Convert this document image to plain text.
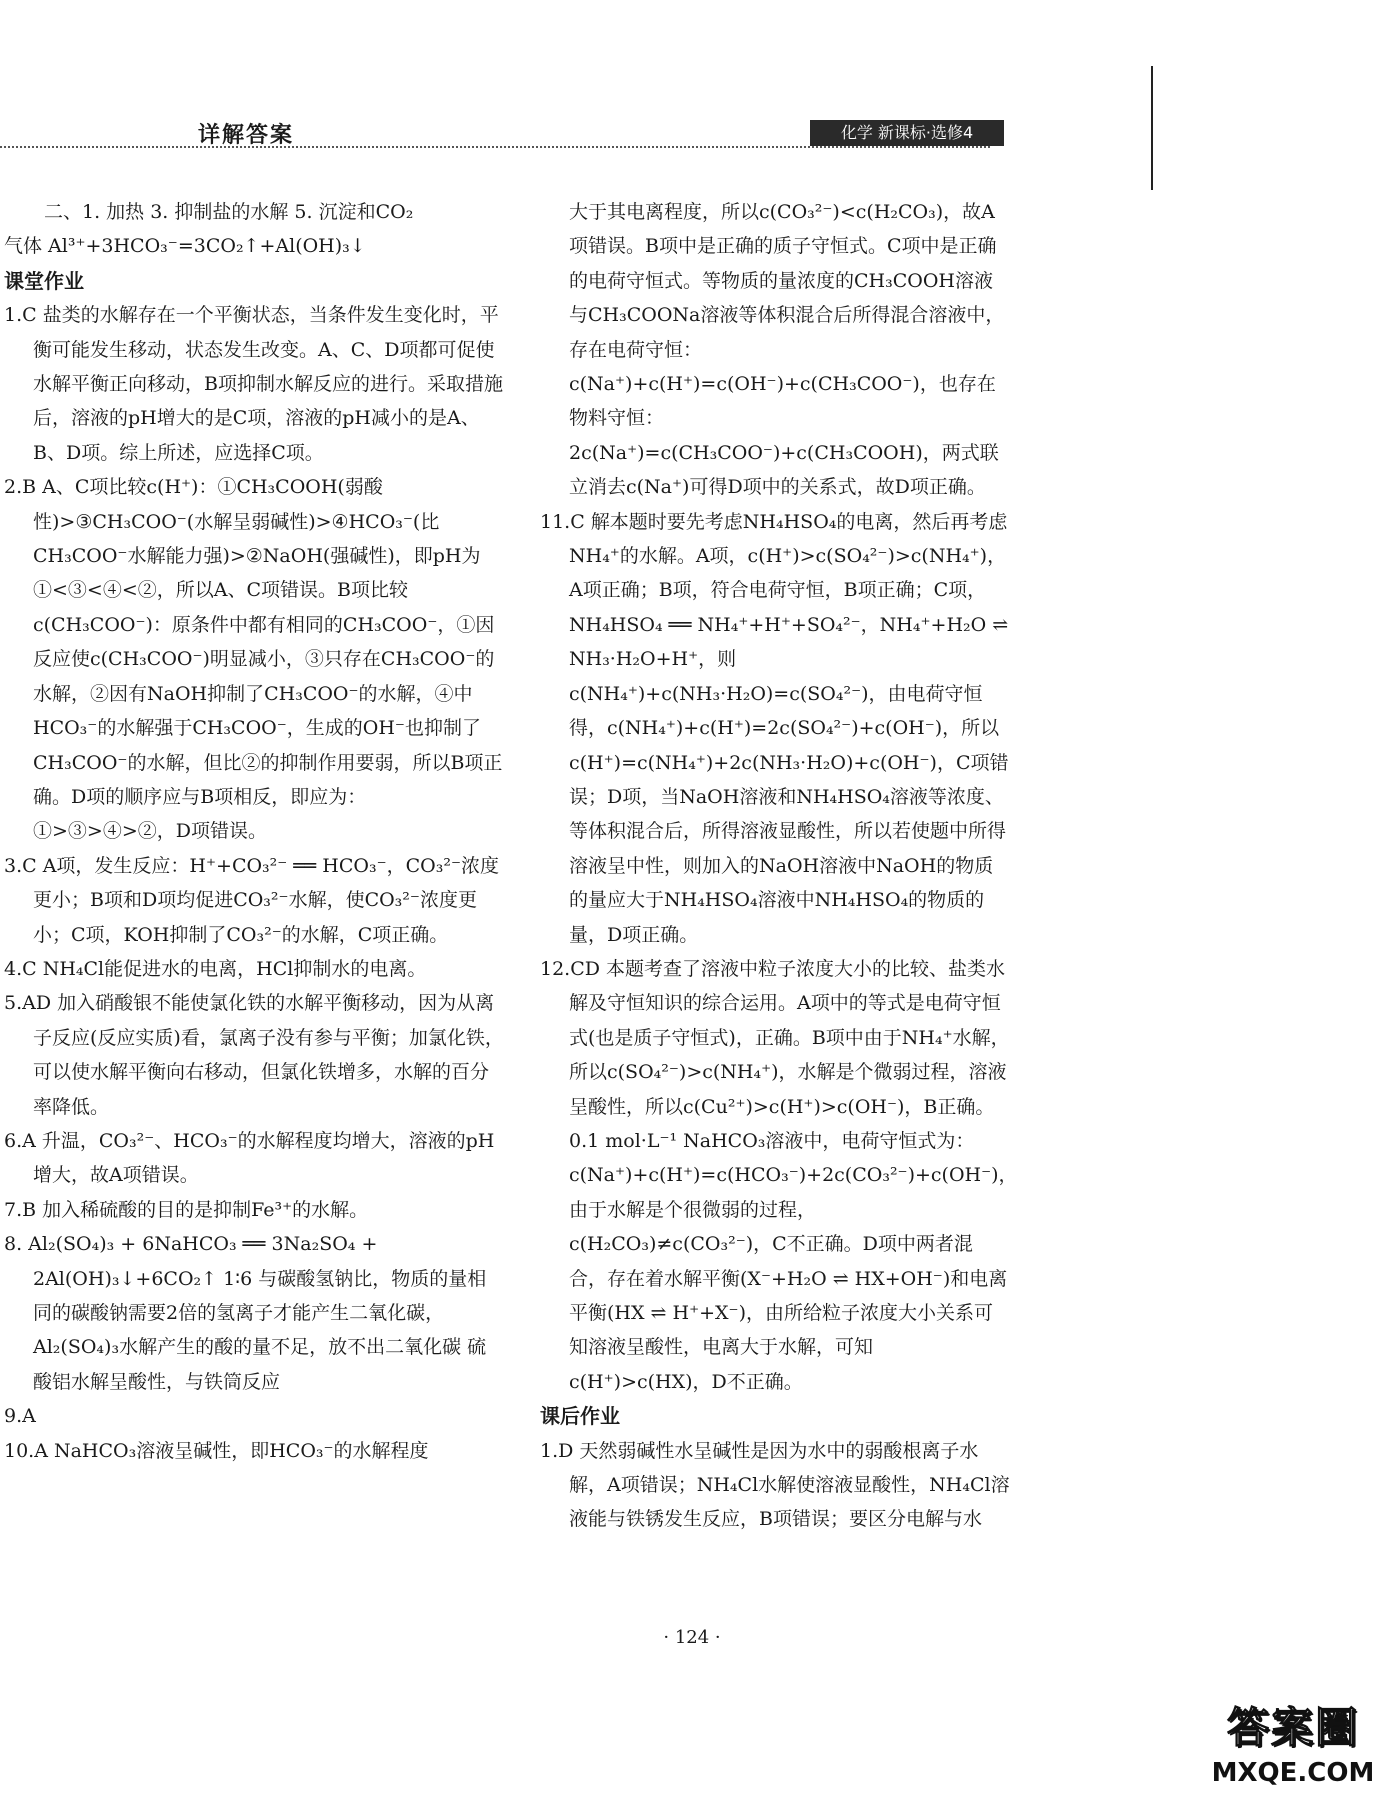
详解答案	化学 新课标·选修4

二、1. 加热 3. 抑制盐的水解 5. 沉淀和CO₂

气体 Al³⁺+3HCO₃⁻=3CO₂↑+Al(OH)₃↓

课堂作业

1.C 盐类的水解存在一个平衡状态，当条件发生变化时，平衡可能发生移动，状态发生改变。A、C、D项都可促使水解平衡正向移动，B项抑制水解反应的进行。采取措施后，溶液的pH增大的是C项，溶液的pH减小的是A、B、D项。综上所述，应选择C项。

2.B A、C项比较c(H⁺)：①CH₃COOH(弱酸性)>③CH₃COO⁻(水解呈弱碱性)>④HCO₃⁻(比CH₃COO⁻水解能力强)>②NaOH(强碱性)，即pH为①<③<④<②，所以A、C项错误。B项比较c(CH₃COO⁻)：原条件中都有相同的CH₃COO⁻，①因反应使c(CH₃COO⁻)明显减小，③只存在CH₃COO⁻的水解，②因有NaOH抑制了CH₃COO⁻的水解，④中HCO₃⁻的水解强于CH₃COO⁻，生成的OH⁻也抑制了CH₃COO⁻的水解，但比②的抑制作用要弱，所以B项正确。D项的顺序应与B项相反，即应为：①>③>④>②，D项错误。

3.C A项，发生反应：H⁺+CO₃²⁻ ══ HCO₃⁻，CO₃²⁻浓度更小；B项和D项均促进CO₃²⁻水解，使CO₃²⁻浓度更小；C项，KOH抑制了CO₃²⁻的水解，C项正确。

4.C NH₄Cl能促进水的电离，HCl抑制水的电离。

5.AD 加入硝酸银不能使氯化铁的水解平衡移动，因为从离子反应(反应实质)看，氯离子没有参与平衡；加氯化铁，可以使水解平衡向右移动，但氯化铁增多，水解的百分率降低。

6.A 升温，CO₃²⁻、HCO₃⁻的水解程度均增大，溶液的pH增大，故A项错误。

7.B 加入稀硫酸的目的是抑制Fe³⁺的水解。

8. Al₂(SO₄)₃ + 6NaHCO₃ ══ 3Na₂SO₄ + 2Al(OH)₃↓+6CO₂↑ 1∶6 与碳酸氢钠比，物质的量相同的碳酸钠需要2倍的氢离子才能产生二氧化碳，Al₂(SO₄)₃水解产生的酸的量不足，放不出二氧化碳 硫酸铝水解呈酸性，与铁筒反应

9.A

10.A NaHCO₃溶液呈碱性，即HCO₃⁻的水解程度

大于其电离程度，所以c(CO₃²⁻)<c(H₂CO₃)，故A项错误。B项中是正确的质子守恒式。C项中是正确的电荷守恒式。等物质的量浓度的CH₃COOH溶液与CH₃COONa溶液等体积混合后所得混合溶液中，存在电荷守恒：c(Na⁺)+c(H⁺)=c(OH⁻)+c(CH₃COO⁻)，也存在物料守恒：2c(Na⁺)=c(CH₃COO⁻)+c(CH₃COOH)，两式联立消去c(Na⁺)可得D项中的关系式，故D项正确。

11.C 解本题时要先考虑NH₄HSO₄的电离，然后再考虑NH₄⁺的水解。A项，c(H⁺)>c(SO₄²⁻)>c(NH₄⁺)，A项正确；B项，符合电荷守恒，B项正确；C项，NH₄HSO₄ ══ NH₄⁺+H⁺+SO₄²⁻，NH₄⁺+H₂O ⇌ NH₃·H₂O+H⁺，则c(NH₄⁺)+c(NH₃·H₂O)=c(SO₄²⁻)，由电荷守恒得，c(NH₄⁺)+c(H⁺)=2c(SO₄²⁻)+c(OH⁻)，所以c(H⁺)=c(NH₄⁺)+2c(NH₃·H₂O)+c(OH⁻)，C项错误；D项，当NaOH溶液和NH₄HSO₄溶液等浓度、等体积混合后，所得溶液显酸性，所以若使题中所得溶液呈中性，则加入的NaOH溶液中NaOH的物质的量应大于NH₄HSO₄溶液中NH₄HSO₄的物质的量，D项正确。

12.CD 本题考查了溶液中粒子浓度大小的比较、盐类水解及守恒知识的综合运用。A项中的等式是电荷守恒式(也是质子守恒式)，正确。B项中由于NH₄⁺水解，所以c(SO₄²⁻)>c(NH₄⁺)，水解是个微弱过程，溶液呈酸性，所以c(Cu²⁺)>c(H⁺)>c(OH⁻)，B正确。0.1 mol·L⁻¹ NaHCO₃溶液中，电荷守恒式为：c(Na⁺)+c(H⁺)=c(HCO₃⁻)+2c(CO₃²⁻)+c(OH⁻)，由于水解是个很微弱的过程，c(H₂CO₃)≠c(CO₃²⁻)，C不正确。D项中两者混合，存在着水解平衡(X⁻+H₂O ⇌ HX+OH⁻)和电离平衡(HX ⇌ H⁺+X⁻)，由所给粒子浓度大小关系可知溶液呈酸性，电离大于水解，可知c(H⁺)>c(HX)，D不正确。

课后作业

1.D 天然弱碱性水呈碱性是因为水中的弱酸根离子水解，A项错误；NH₄Cl水解使溶液显酸性，NH₄Cl溶液能与铁锈发生反应，B项错误；要区分电解与水

· 124 ·
答案圈
MXQE.COM
